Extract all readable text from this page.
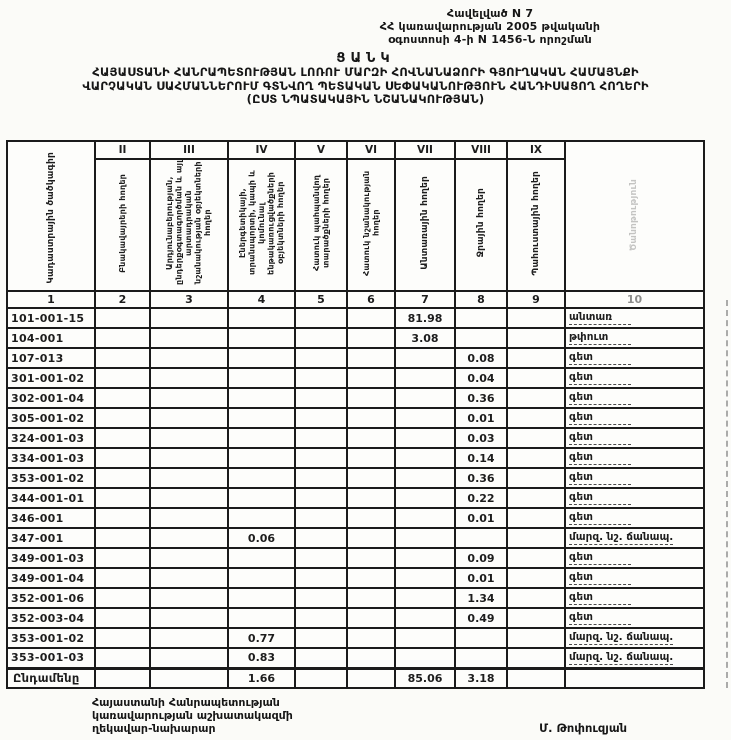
Հավելված N 7
ՀՀ կառավարության 2005 թվականի
օգոստոսի 4-ի N 1456-Ն որոշման
ՑԱՆԿ
ՀԱՅԱՍՏԱՆԻ ՀԱՆՐԱՊԵՏՈՒԹՅԱՆ ԼՈՌՈՒ ՄԱՐԶԻ ՀՈՎՆԱՆԱՁՈՐԻ ԳՅՈՒՂԱԿԱՆ ՀԱՄԱՅՆՔԻ
ՎԱՐՉԱԿԱՆ ՍԱՀՄԱՆՆԵՐՈՒՄ ԳՏՆՎՈՂ ՊԵՏԱԿԱՆ ՍԵՓԱԿԱՆՈՒԹՅՈՒՆ ՀԱՆԴԻՍԱՑՈՂ ՀՈՂԵՐԻ
(ԸՍՏ ՆՊԱՏԱԿԱՅԻՆ ՆՇԱՆԱԿՈՒԹՅԱՆ)
Կադաստրային ծածկագիր	II	III	IV	V	VI	VII	VIII	IX	Ծանոթություն
	Բնակավայրերի հողեր	Արդյունաբերության, ընդերքօգտագործման և այլ արտադրական նշանակության օբյեկտների հողեր	Էներգետիկայի, տրանսպորտի, կապի և կոմունալ ենթակառուցվածքների օբյեկտների հողեր	Հատուկ պահպանվող տարածքների հողեր	Հատուկ նշանակության հողեր	Անտառային հողեր	Ջրային հողեր	Պահուստային հողեր	
1	2	3	4	5	6	7	8	9	10
101-001-15						81.98			անտառ
104-001						3.08			թփուտ
107-013							0.08		գետ
301-001-02							0.04		գետ
302-001-04							0.36		գետ
305-001-02							0.01		գետ
324-001-03							0.03		գետ
334-001-03							0.14		գետ
353-001-02							0.36		գետ
344-001-01							0.22		գետ
346-001							0.01		գետ
347-001			0.06						մարզ. նշ. ճանապ.
349-001-03							0.09		գետ
349-001-04							0.01		գետ
352-001-06							1.34		գետ
352-003-04							0.49		գետ
353-001-02			0.77						մարզ. նշ. ճանապ.
353-001-03			0.83						մարզ. նշ. ճանապ.
Ընդամենը			1.66			85.06	3.18		
Հայաստանի Հանրապետության
կառավարության աշխատակազմի
ղեկավար-նախարար	Մ. Թոփուզյան
